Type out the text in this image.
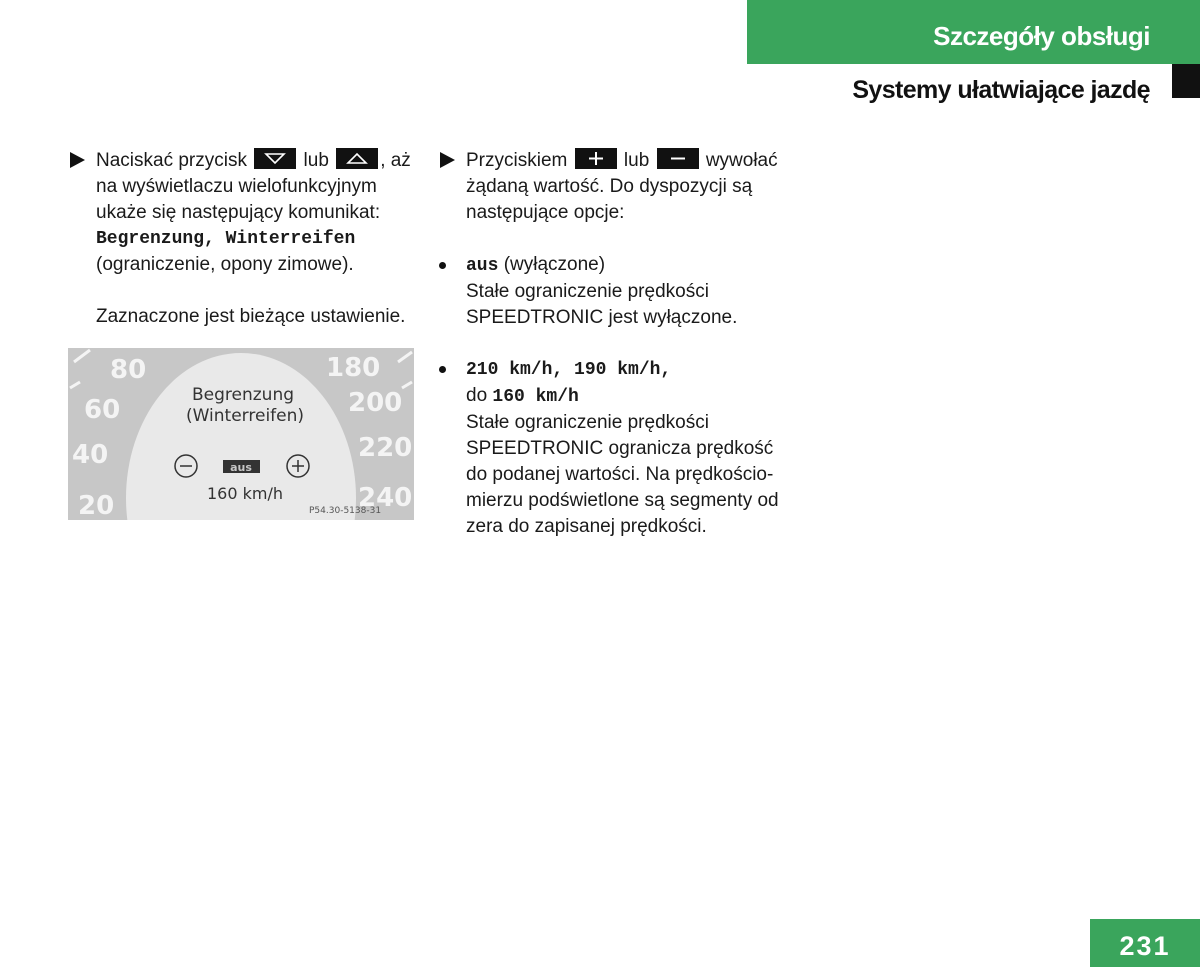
Szczegóły obsługi
Systemy ułatwiające jazdę

Naciskać przycisk	lub	, aż

na wyświetlaczu wielofunkcyjnym

ukaże się następujący komunikat:

Begrenzung, Winterreifen

(ograniczenie, opony zimowe).

Zaznaczone jest bieżące ustawienie.

80
60
40
20
180
200
220
240
Begrenzung
(Winterreifen)
aus
160 km/h
P54.30-5138-31

Przyciskiem	lub	wywołać

żądaną wartość. Do dyspozycji są

następujące opcje:

aus (wyłączone)

Stałe ograniczenie prędkości

SPEEDTRONIC jest wyłączone.

210 km/h, 190 km/h,

do 160 km/h

Stałe ograniczenie prędkości

SPEEDTRONIC ogranicza prędkość

do podanej wartości. Na prędkościo-

mierzu podświetlone są segmenty od

zera do zapisanej prędkości.

231
